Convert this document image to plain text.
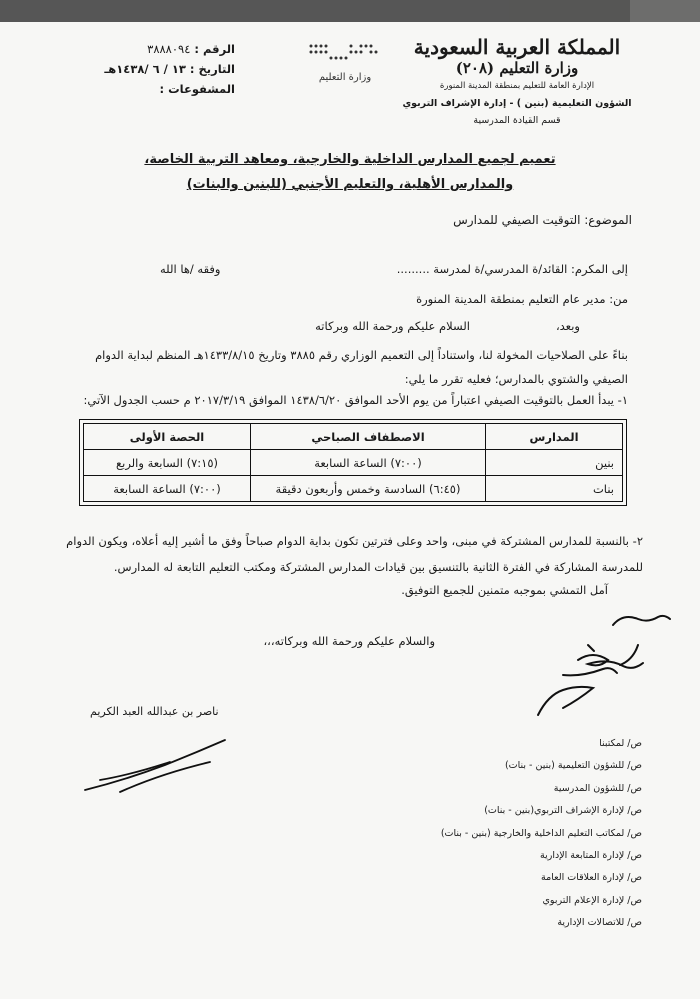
المملكة العربية السعودية
وزارة التعليم (٢٠٨)
الإدارة العامة للتعليم بمنطقة المدينة المنورة
الشؤون التعليمية (بنين ) - إدارة الإشراف التربوي
قسم القيادة المدرسية
وزارة التعليم
الرقم : ٣٨٨٨٠٩٤
التاريخ : ١٣ / ٦ /١٤٣٨هـ
المشفوعات :
تعميم لجميع المدارس الداخلية والخارجية، ومعاهد التربية الخاصة،
والمدارس الأهلية، والتعليم الأجنبي (للبنين والبنات)
الموضوع: التوقيت الصيفي للمدارس
إلى المكرم: القائد/ة المدرسي/ة لمدرسة .........
وفقه /ها الله
من: مدير عام التعليم بمنطقة المدينة المنورة
السلام عليكم ورحمة الله وبركاته	وبعد،
بناءً على الصلاحيات المخولة لنا، واستناداً إلى التعميم الوزاري رقم ٣٨٨٥ وتاريخ ١٤٣٣/٨/١٥هـ المنظم لبداية الدوام الصيفي والشتوي بالمدارس؛ فعليه تقرر ما يلي:
١- يبدأ العمل بالتوقيت الصيفي اعتباراً من يوم الأحد الموافق ١٤٣٨/٦/٢٠ الموافق ٢٠١٧/٣/١٩ م حسب الجدول الآتي:
المدارس	الاصطفاف الصباحي	الحصة الأولى
بنين	(٧:٠٠) الساعة السابعة	(٧:١٥) السابعة والربع
بنات	(٦:٤٥) السادسة وخمس وأربعون دقيقة	(٧:٠٠) الساعة السابعة
٢- بالنسبة للمدارس المشتركة في مبنى، واحد وعلى فترتين تكون بداية الدوام صباحاً وفق ما أشير إليه أعلاه، ويكون الدوام للمدرسة المشاركة في الفترة الثانية بالتنسيق بين قيادات المدارس المشتركة ومكتب التعليم التابعة له المدارس.
آمل التمشي بموجبه متمنين للجميع التوفيق.
والسلام عليكم ورحمة الله وبركاته،،،
ناصر بن عبدالله العبد الكريم
ص/ لمكتبنا
ص/ للشؤون التعليمية (بنين - بنات)
ص/ للشؤون المدرسية
ص/ لإدارة الإشراف التربوي(بنين - بنات)
ص/ لمكاتب التعليم الداخلية والخارجية (بنين - بنات)
ص/ لإدارة المتابعة الإدارية
ص/ لإدارة العلاقات العامة
ص/ لإدارة الإعلام التربوي
ص/ للاتصالات الإدارية
